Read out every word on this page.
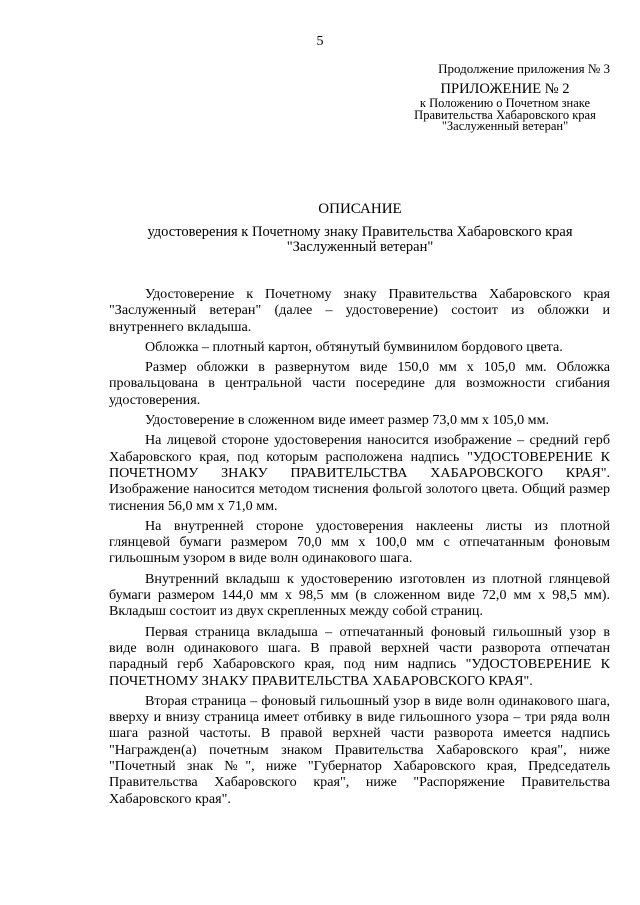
5
Продолжение приложения № 3
ПРИЛОЖЕНИЕ № 2
к Положению о Почетном знаке
Правительства Хабаровского края
"Заслуженный ветеран"
ОПИСАНИЕ
удостоверения к Почетному знаку Правительства Хабаровского края
"Заслуженный ветеран"

Удостоверение к Почетному знаку Правительства Хабаровского края "Заслуженный ветеран" (далее – удостоверение) состоит из обложки и внутреннего вкладыша.

Обложка – плотный картон, обтянутый бумвинилом бордового цвета.

Размер обложки в развернутом виде 150,0 мм х 105,0 мм. Обложка провальцована в центральной части посередине для возможности сгибания удостоверения.

Удостоверение в сложенном виде имеет размер 73,0 мм х 105,0 мм.

На лицевой стороне удостоверения наносится изображение – средний герб Хабаровского края, под которым расположена надпись "УДОСТОВЕРЕНИЕ К ПОЧЕТНОМУ ЗНАКУ ПРАВИТЕЛЬСТВА ХАБАРОВСКОГО КРАЯ". Изображение наносится методом тиснения фольгой золотого цвета. Общий размер тиснения 56,0 мм х 71,0 мм.

На внутренней стороне удостоверения наклеены листы из плотной глянцевой бумаги размером 70,0 мм х 100,0 мм с отпечатанным фоновым гильошным узором в виде волн одинакового шага.

Внутренний вкладыш к удостоверению изготовлен из плотной глянцевой бумаги размером 144,0 мм х 98,5 мм (в сложенном виде 72,0 мм х 98,5 мм). Вкладыш состоит из двух скрепленных между собой страниц.

Первая страница вкладыша – отпечатанный фоновый гильошный узор в виде волн одинакового шага. В правой верхней части разворота отпечатан парадный герб Хабаровского края, под ним надпись "УДОСТОВЕРЕНИЕ К ПОЧЕТНОМУ ЗНАКУ ПРАВИТЕЛЬСТВА ХАБАРОВСКОГО КРАЯ".

Вторая страница – фоновый гильошный узор в виде волн одинакового шага, вверху и внизу страница имеет отбивку в виде гильошного узора – три ряда волн шага разной частоты. В правой верхней части разворота имеется надпись "Награжден(а) почетным знаком Правительства Хабаровского края", ниже "Почетный знак №", ниже "Губернатор Хабаровского края, Председатель Правительства Хабаровского края", ниже "Распоряжение Правительства Хабаровского края".
